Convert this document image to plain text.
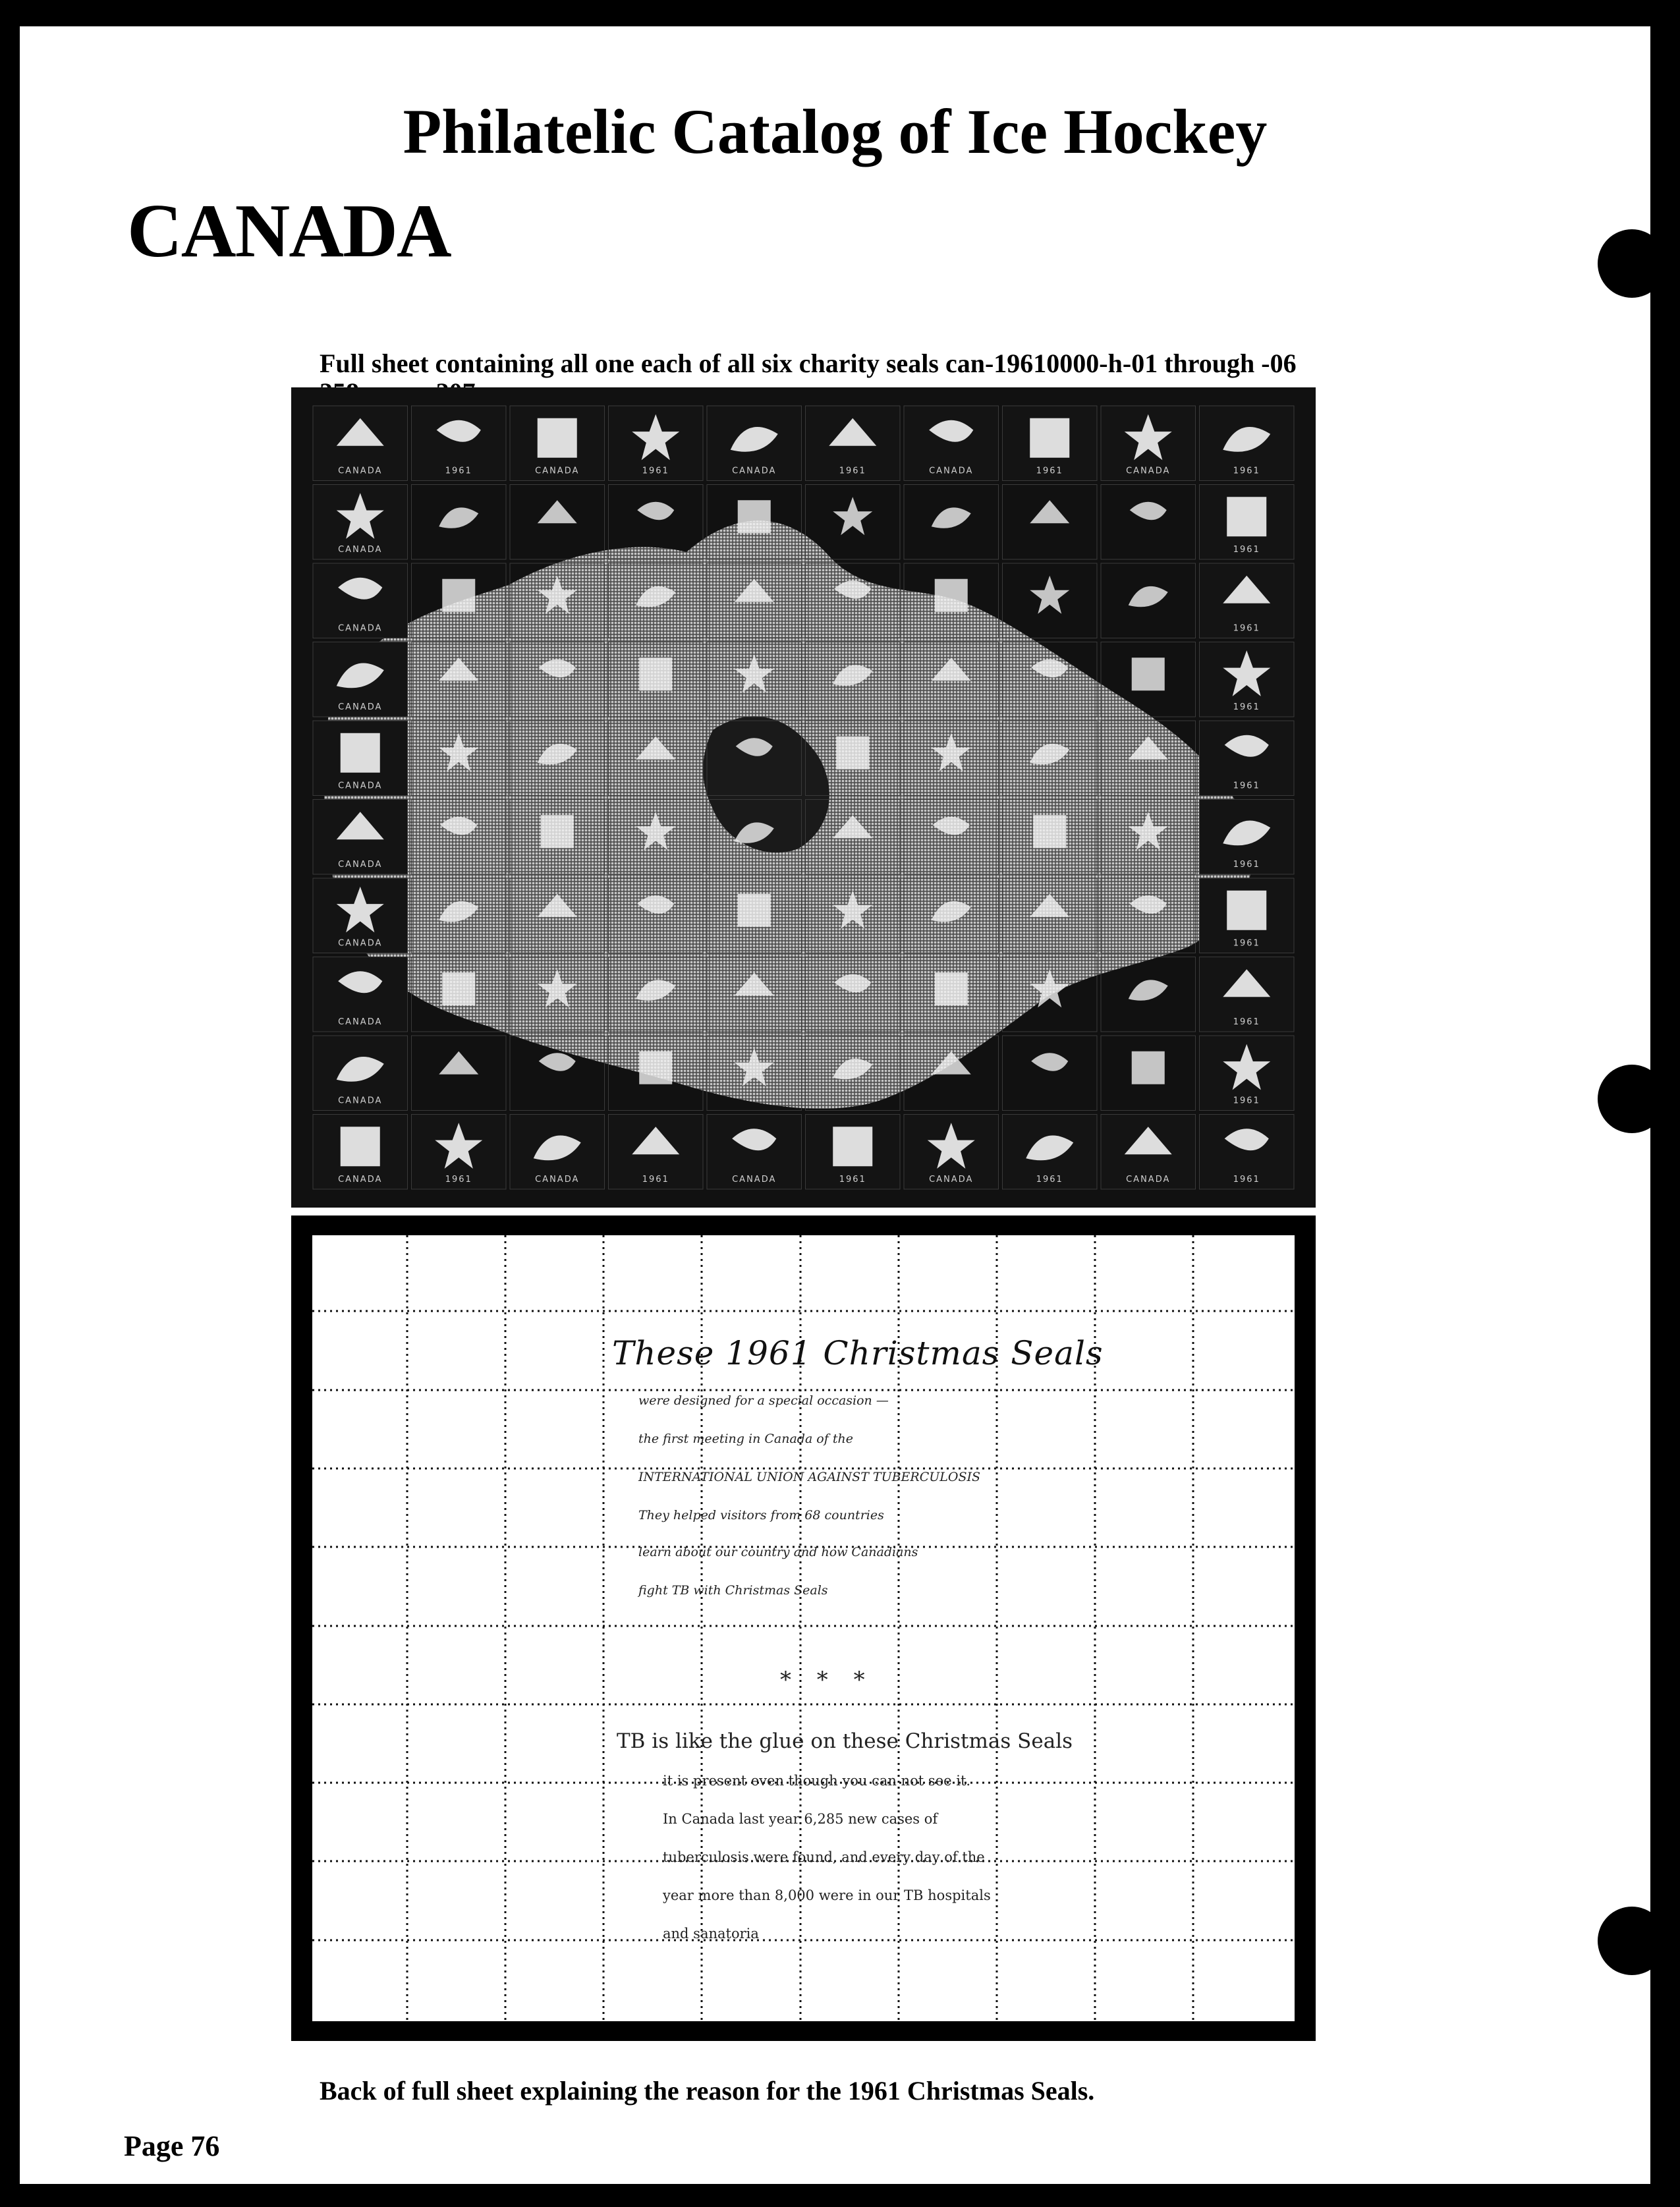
Philatelic Catalog of Ice Hockey
CANADA
Full sheet containing all one each of all six charity seals can-19610000-h-01 through -06
Back of full sheet explaining the reason for the 1961 Christmas Seals.
Page 76
CANADA	1961	CANADA	1961	CANADA	1961	CANADA	1961	CANADA	1961
CANADA	1961
CANADA	1961
CANADA	1961
CANADA	1961
CANADA	1961
CANADA	1961
CANADA	1961
CANADA	1961
CANADA	1961	CANADA	1961	CANADA	1961	CANADA	1961	CANADA	1961
These 1961 Christmas Seals
were designed for a special occasion —
the first meeting in Canada of the
INTERNATIONAL UNION AGAINST TUBERCULOSIS
They helped visitors from 68 countries
learn about our country and how Canadians
fight TB with Christmas Seals
* * *
TB is like the glue on these Christmas Seals
it is present even though you can not see it.
In Canada last year 6,285 new cases of
tuberculosis were found, and every day of the
year more than 8,000 were in our TB hospitals
and sanatoria
